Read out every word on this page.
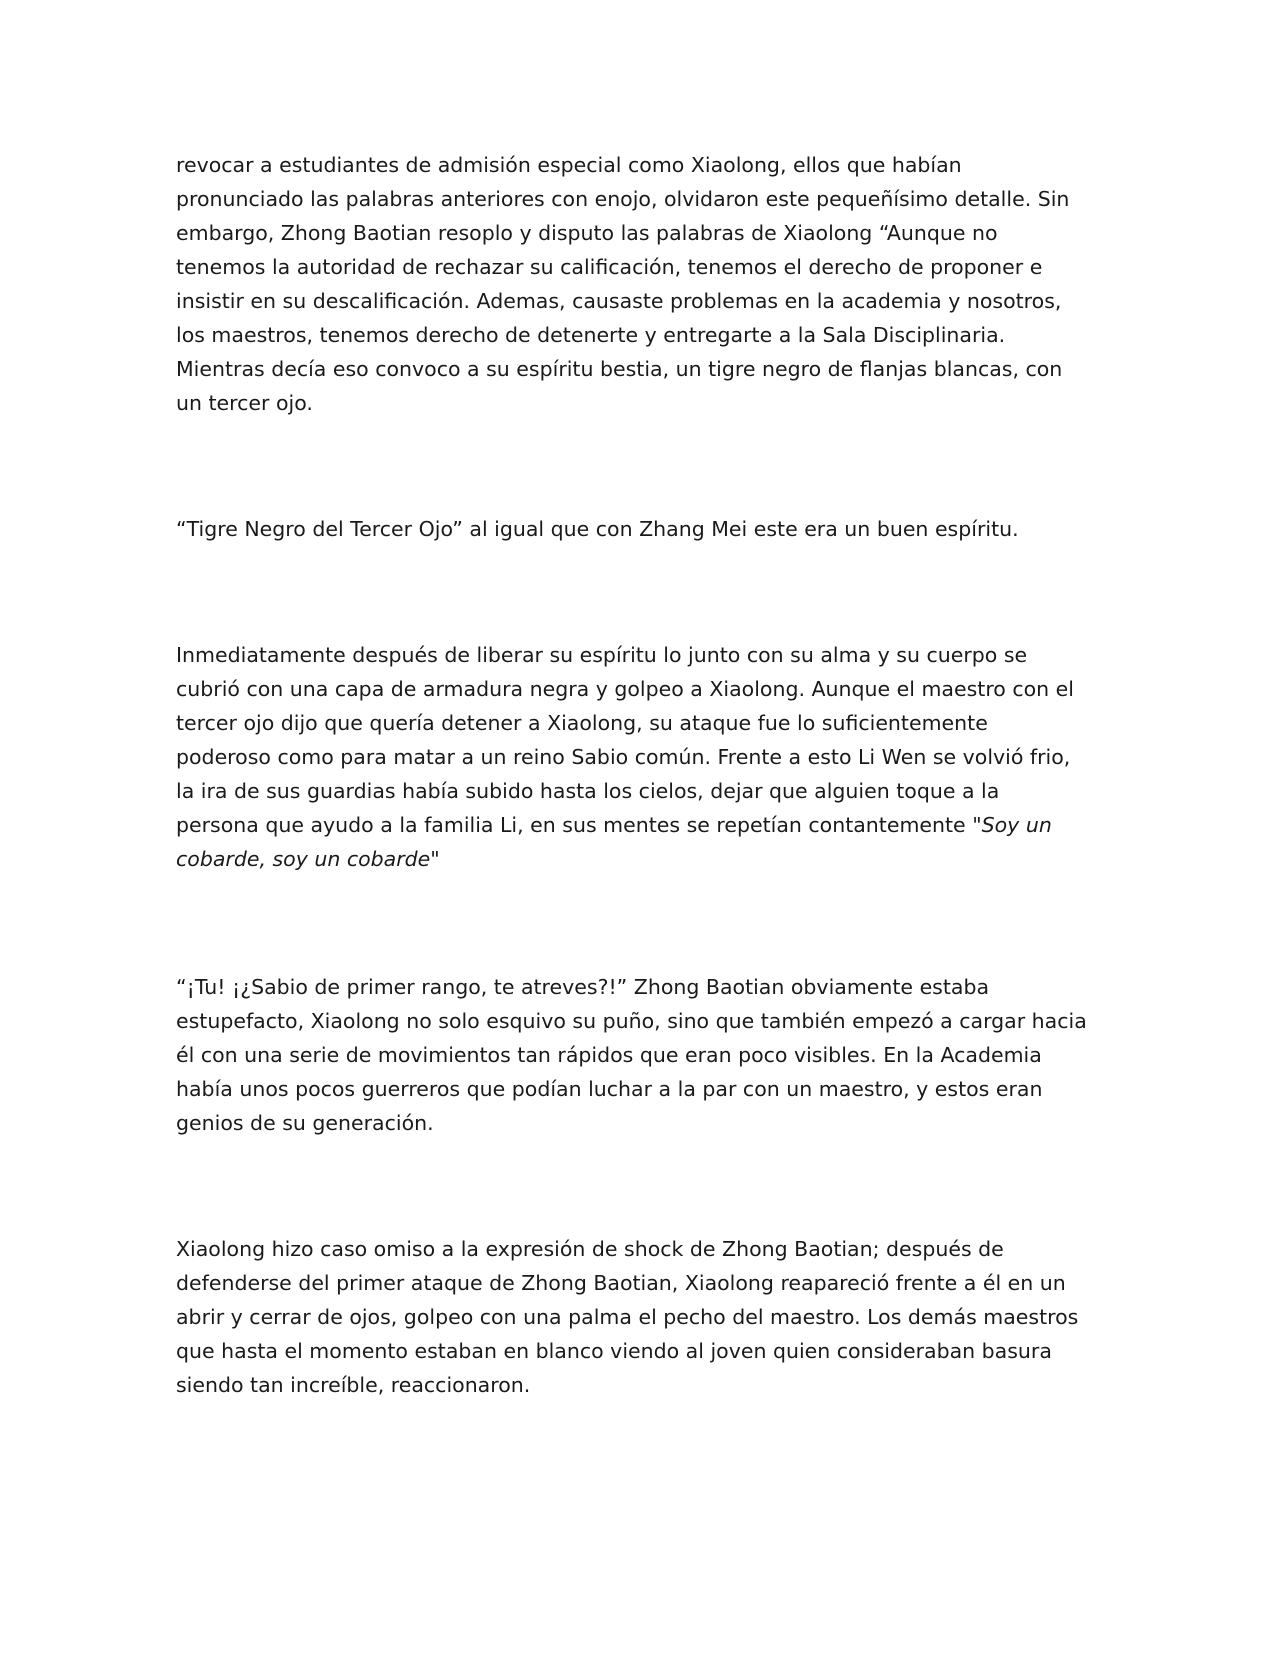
revocar a estudiantes de admisión especial como Xiaolong, ellos que habían
pronunciado las palabras anteriores con enojo, olvidaron este pequeñísimo detalle. Sin
embargo, Zhong Baotian resoplo y disputo las palabras de Xiaolong “Aunque no
tenemos la autoridad de rechazar su calificación, tenemos el derecho de proponer e
insistir en su descalificación. Ademas, causaste problemas en la academia y nosotros,
los maestros, tenemos derecho de detenerte y entregarte a la Sala Disciplinaria.
Mientras decía eso convoco a su espíritu bestia, un tigre negro de flanjas blancas, con
un tercer ojo.

“Tigre Negro del Tercer Ojo” al igual que con Zhang Mei este era un buen espíritu.

Inmediatamente después de liberar su espíritu lo junto con su alma y su cuerpo se
cubrió con una capa de armadura negra y golpeo a Xiaolong. Aunque el maestro con el
tercer ojo dijo que quería detener a Xiaolong, su ataque fue lo suficientemente
poderoso como para matar a un reino Sabio común. Frente a esto Li Wen se volvió frio,
la ira de sus guardias había subido hasta los cielos, dejar que alguien toque a la
persona que ayudo a la familia Li, en sus mentes se repetían contantemente "Soy un
cobarde, soy un cobarde"

“¡Tu! ¡¿Sabio de primer rango, te atreves?!” Zhong Baotian obviamente estaba
estupefacto, Xiaolong no solo esquivo su puño, sino que también empezó a cargar hacia
él con una serie de movimientos tan rápidos que eran poco visibles. En la Academia
había unos pocos guerreros que podían luchar a la par con un maestro, y estos eran
genios de su generación.

Xiaolong hizo caso omiso a la expresión de shock de Zhong Baotian; después de
defenderse del primer ataque de Zhong Baotian, Xiaolong reapareció frente a él en un
abrir y cerrar de ojos, golpeo con una palma el pecho del maestro. Los demás maestros
que hasta el momento estaban en blanco viendo al joven quien consideraban basura
siendo tan increíble, reaccionaron.
